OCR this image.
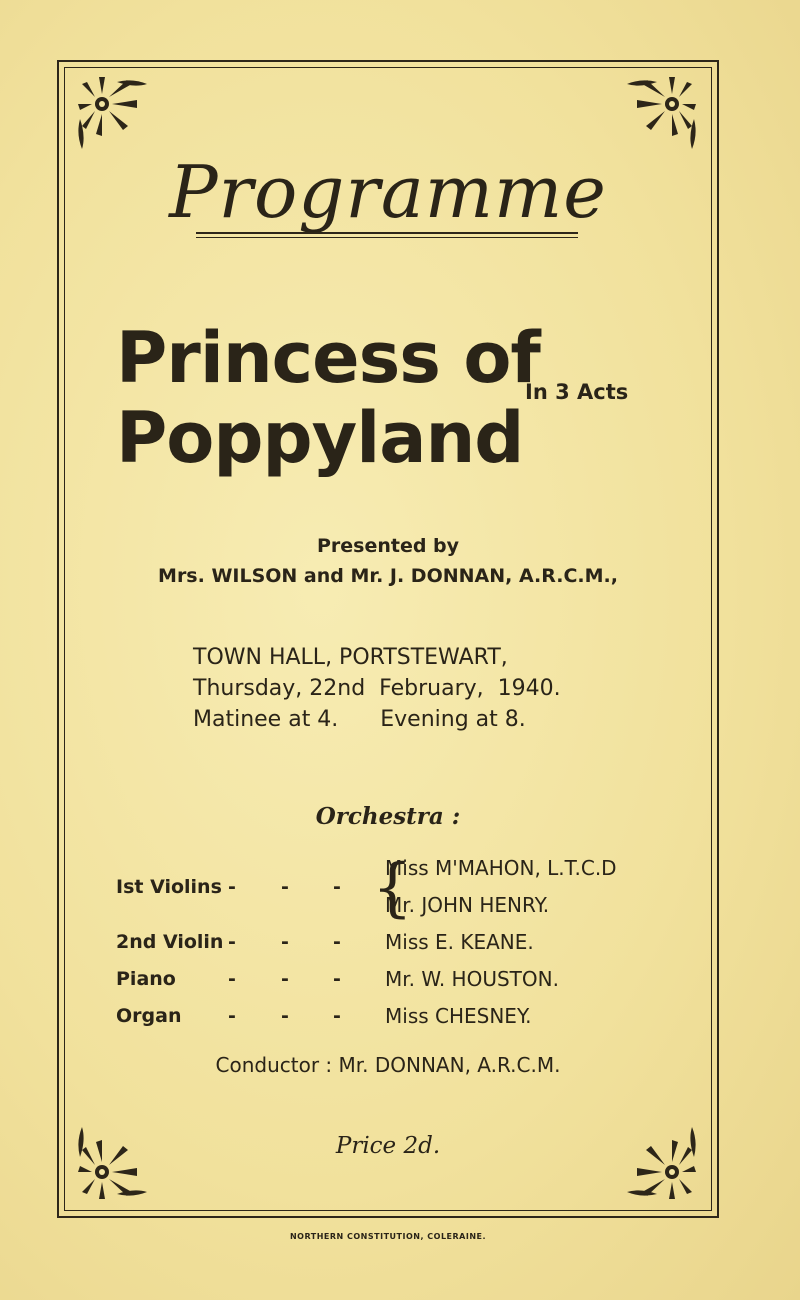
Programme
Princess of
Poppyland
In 3 Acts
Presented by
Mrs. WILSON and Mr. J. DONNAN, A.R.C.M.,
TOWN HALL, PORTSTEWART,
Thursday, 22nd  February,  1940.
Matinee at 4.      Evening at 8.
Orchestra :
Ist Violins - - - {
Miss M'MAHON, L.T.C.D
Mr. JOHN HENRY.
2nd Violin - - - Miss E. KEANE.
Piano	- - - Mr. W. HOUSTON.
Organ - - - Miss CHESNEY.
Conductor : Mr. DONNAN, A.R.C.M.
Price 2d.
NORTHERN CONSTITUTION, COLERAINE.
